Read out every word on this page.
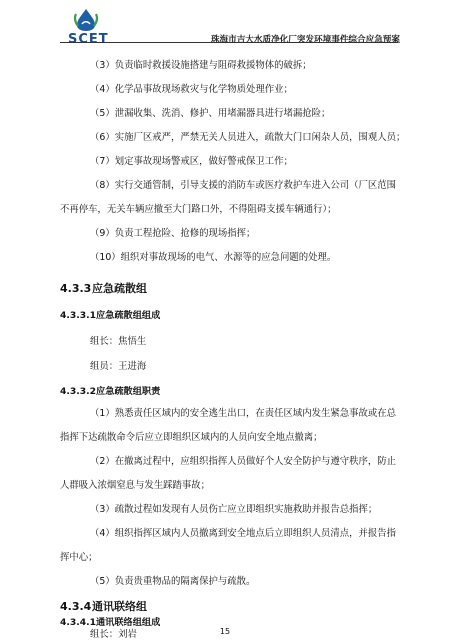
SCET	珠海市吉大水质净化厂突发环境事件综合应急预案
（3）负责临时救援设施搭建与阻碍救援物体的破拆；
（4）化学品事故现场救灾与化学物质处理作业；
（5）泄漏收集、洗消、修护、用堵漏器具进行堵漏抢险；
（6）实施厂区戒严，严禁无关人员进入，疏散大门口闲杂人员，围观人员；
（7）划定事故现场警戒区，做好警戒保卫工作；
（8）实行交通管制，引导支援的消防车或医疗救护车进入公司（厂区范围
不再停车，无关车辆应撤至大门路口外，不得阻碍支援车辆通行）；
（9）负责工程抢险、抢修的现场指挥；
（10）组织对事故现场的电气、水源等的应急问题的处理。
4.3.3应急疏散组
4.3.3.1应急疏散组组成
组长：焦悟生
组员：王进海
4.3.3.2应急疏散组职责
（1）熟悉责任区域内的安全逃生出口，在责任区域内发生紧急事故或在总
指挥下达疏散命令后应立即组织区域内的人员向安全地点撤离；
（2）在撤离过程中，应组织指挥人员做好个人安全防护与遵守秩序，防止
人群吸入浓烟窒息与发生踩踏事故；
（3）疏散过程如发现有人员伤亡应立即组织实施救助并报告总指挥；
（4）组织指挥区域内人员撤离到安全地点后立即组织人员清点，并报告指
挥中心；
（5）负责贵重物品的隔离保护与疏散。
4.3.4通讯联络组
4.3.4.1通讯联络组组成
组长：刘岩	15
